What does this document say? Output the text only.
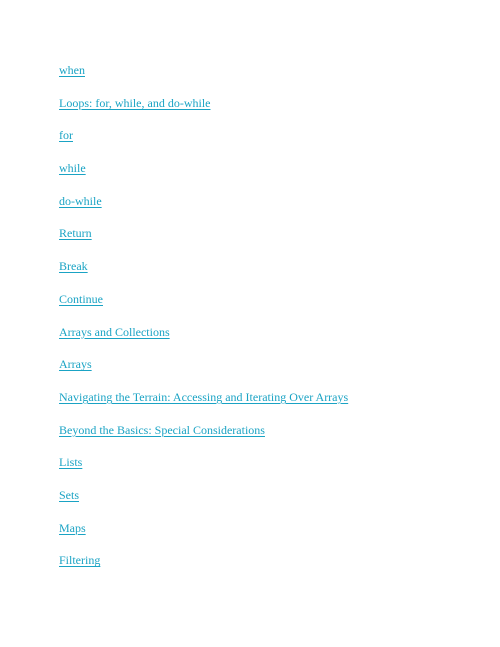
when
Loops: for, while, and do-while
for
while
do-while
Return
Break
Continue
Arrays and Collections
Arrays
Navigating the Terrain: Accessing and Iterating Over Arrays
Beyond the Basics: Special Considerations
Lists
Sets
Maps
Filtering
